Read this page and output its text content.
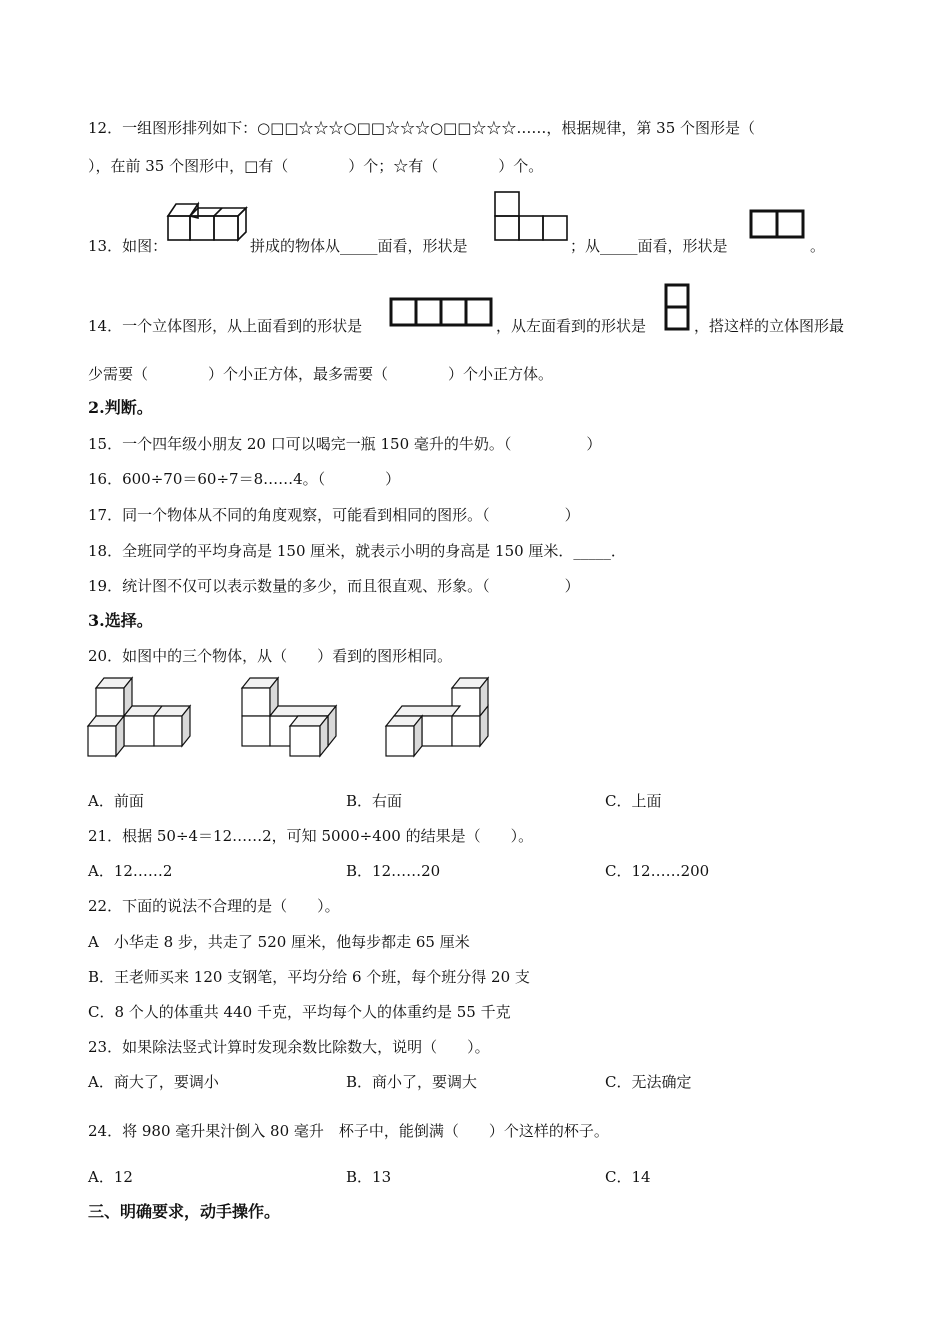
12．一组图形排列如下：○□□☆☆☆○□□☆☆☆○□□☆☆☆……，根据规律，第 35 个图形是（
），在前 35 个图形中，□有（　　　　）个；☆有（　　　　）个。
13．如图：	拼成的物体从_____面看，形状是	；从_____面看，形状是	。
14．一个立体图形，从上面看到的形状是	，从左面看到的形状是	，搭这样的立体图形最
少需要（　　　　）个小正方体，最多需要（　　　　）个小正方体。
2.判断。
15．一个四年级小朋友 20 口可以喝完一瓶 150 毫升的牛奶。（　　　　　）
16．600÷70＝60÷7＝8……4。（　　　　）
17．同一个物体从不同的角度观察，可能看到相同的图形。（　　　　　）
18．全班同学的平均身高是 150 厘米，就表示小明的身高是 150 厘米．_____．
19．统计图不仅可以表示数量的多少，而且很直观、形象。（　　　　　）
3.选择。
20．如图中的三个物体，从（　　）看到的图形相同。
A．前面	B．右面	C．上面
21．根据 50÷4＝12……2，可知 5000÷400 的结果是（　　）。
A．12……2	B．12……20	C．12……200
22．下面的说法不合理的是（　　）。
A　小华走 8 步，共走了 520 厘米，他每步都走 65 厘米
B．王老师买来 120 支钢笔，平均分给 6 个班，每个班分得 20 支
C．8 个人的体重共 440 千克，平均每个人的体重约是 55 千克
23．如果除法竖式计算时发现余数比除数大，说明（　　）。
A．商大了，要调小	B．商小了，要调大	C．无法确定
24．将 980 毫升果汁倒入 80 毫升　杯子中，能倒满（　　）个这样的杯子。
A．12	B．13	C．14
三、明确要求，动手操作。
